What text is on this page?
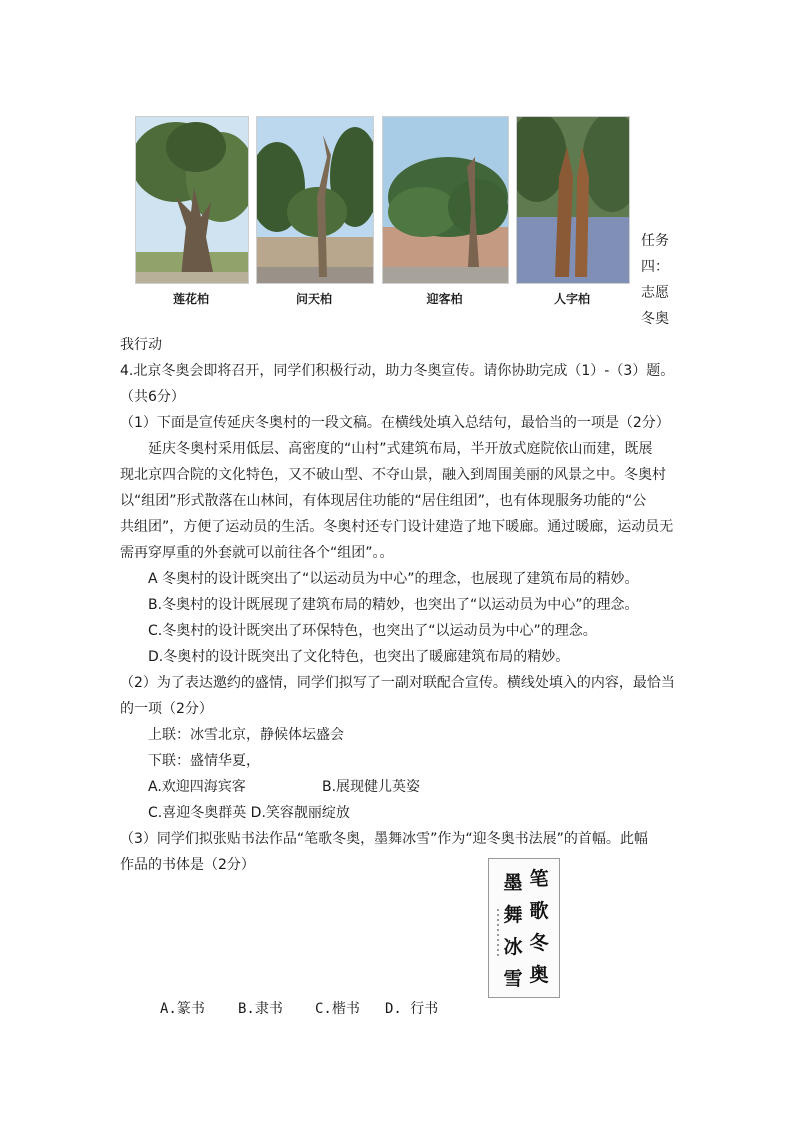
莲花柏	问天柏	迎客柏	人字柏
任务
四：
志愿
冬奥
我行动
4.北京冬奥会即将召开，同学们积极行动，助力冬奥宣传。请你协助完成（1）-（3）题。
（共6分）
（1）下面是宣传延庆冬奥村的一段文稿。在横线处填入总结句，最恰当的一项是（2分）
延庆冬奥村采用低层、高密度的“山村”式建筑布局，半开放式庭院依山而建，既展
现北京四合院的文化特色，又不破山型、不夺山景，融入到周围美丽的风景之中。冬奥村
以“组团”形式散落在山林间，有体现居住功能的“居住组团”，也有体现服务功能的“公
共组团”，方便了运动员的生活。冬奥村还专门设计建造了地下暖廊。通过暖廊，运动员无
需再穿厚重的外套就可以前往各个“组团”。。
A 冬奥村的设计既突出了“以运动员为中心”的理念，也展现了建筑布局的精妙。
B.冬奥村的设计既展现了建筑布局的精妙，也突出了“以运动员为中心”的理念。
C.冬奥村的设计既突出了环保特色，也突出了“以运动员为中心”的理念。
D.冬奥村的设计既突出了文化特色，也突出了暖廊建筑布局的精妙。
（2）为了表达邀约的盛情，同学们拟写了一副对联配合宣传。横线处填入的内容，最恰当
的一项（2分）
上联：冰雪北京，静候体坛盛会
下联：盛情华夏，
A.欢迎四海宾客	B.展现健儿英姿
C.喜迎冬奥群英 D.笑容靓丽绽放
（3）同学们拟张贴书法作品“笔歌冬奥，墨舞冰雪”作为“迎冬奥书法展”的首幅。此幅
作品的书体是（2分）
笔
歌
冬
奥
墨
舞
冰
雪
A.篆书 B.隶书 C.楷书 D. 行书
